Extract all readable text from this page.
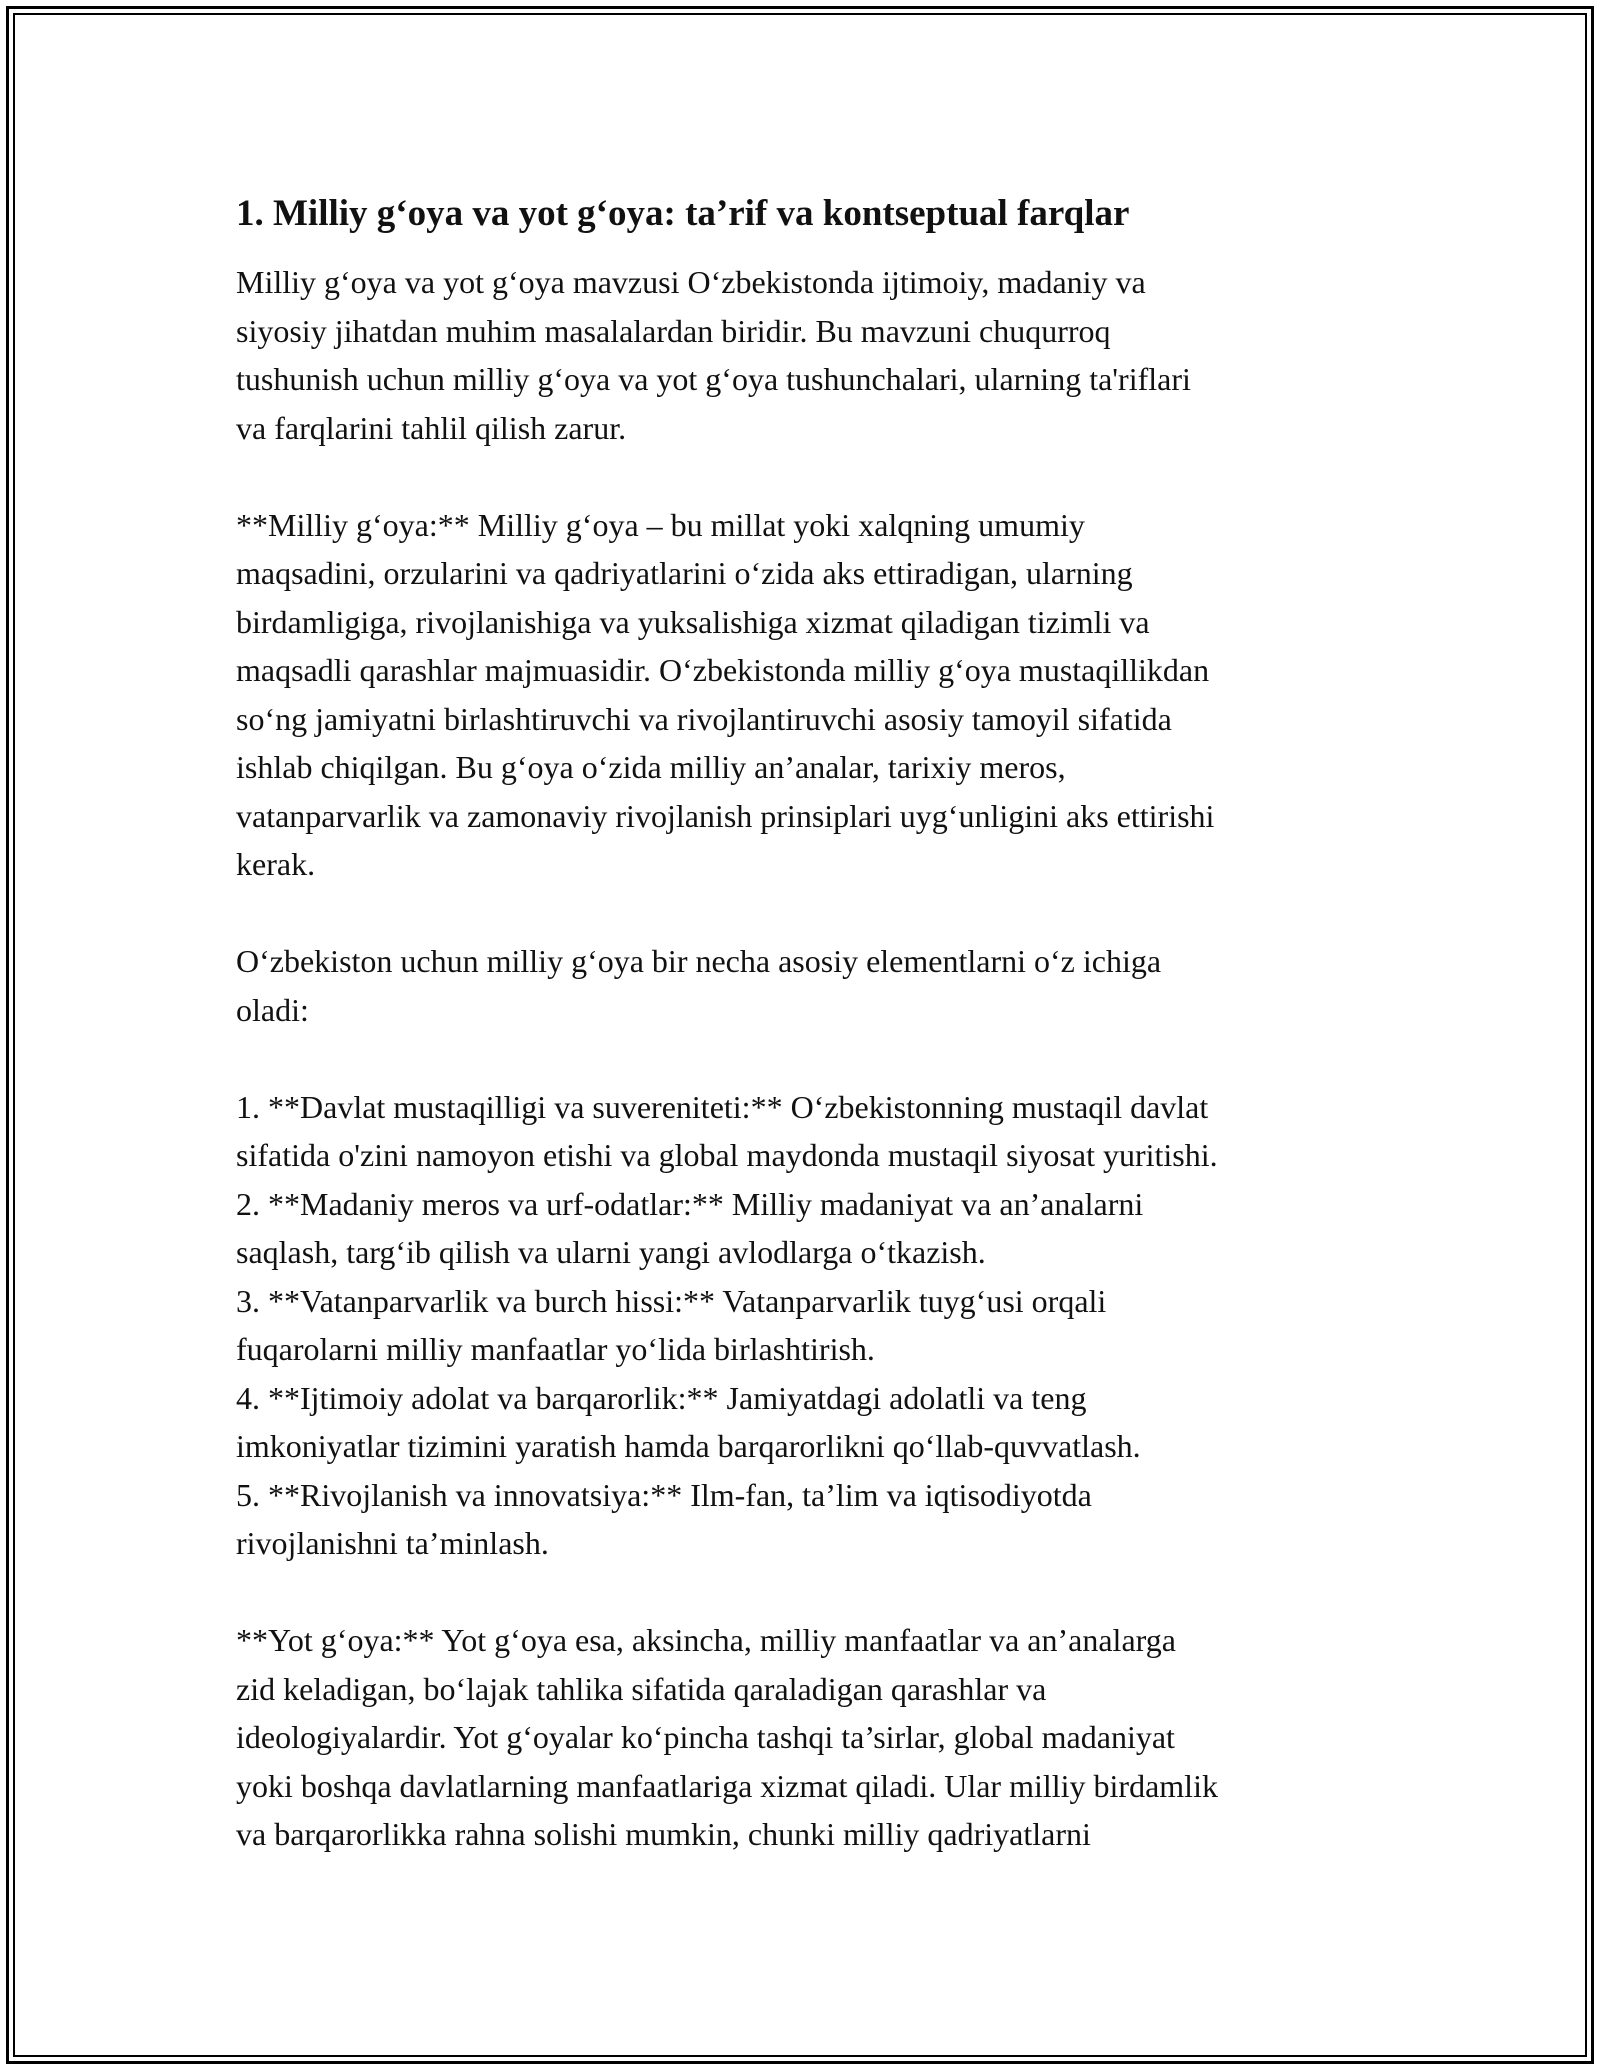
1. Milliy g‘oya va yot g‘oya: ta’rif va kontseptual farqlar

Milliy g‘oya va yot g‘oya mavzusi O‘zbekistonda ijtimoiy, madaniy va
siyosiy jihatdan muhim masalalardan biridir. Bu mavzuni chuqurroq
tushunish uchun milliy g‘oya va yot g‘oya tushunchalari, ularning ta'riflari
va farqlarini tahlil qilish zarur.

**Milliy g‘oya:** Milliy g‘oya – bu millat yoki xalqning umumiy
maqsadini, orzularini va qadriyatlarini o‘zida aks ettiradigan, ularning
birdamligiga, rivojlanishiga va yuksalishiga xizmat qiladigan tizimli va
maqsadli qarashlar majmuasidir. O‘zbekistonda milliy g‘oya mustaqillikdan
so‘ng jamiyatni birlashtiruvchi va rivojlantiruvchi asosiy tamoyil sifatida
ishlab chiqilgan. Bu g‘oya o‘zida milliy an’analar, tarixiy meros,
vatanparvarlik va zamonaviy rivojlanish prinsiplari uyg‘unligini aks ettirishi
kerak.

O‘zbekiston uchun milliy g‘oya bir necha asosiy elementlarni o‘z ichiga
oladi:

1. **Davlat mustaqilligi va suvereniteti:** O‘zbekistonning mustaqil davlat
sifatida o'zini namoyon etishi va global maydonda mustaqil siyosat yuritishi.
2. **Madaniy meros va urf-odatlar:** Milliy madaniyat va an’analarni
saqlash, targ‘ib qilish va ularni yangi avlodlarga o‘tkazish.
3. **Vatanparvarlik va burch hissi:** Vatanparvarlik tuyg‘usi orqali
fuqarolarni milliy manfaatlar yo‘lida birlashtirish.
4. **Ijtimoiy adolat va barqarorlik:** Jamiyatdagi adolatli va teng
imkoniyatlar tizimini yaratish hamda barqarorlikni qo‘llab-quvvatlash.
5. **Rivojlanish va innovatsiya:** Ilm-fan, ta’lim va iqtisodiyotda
rivojlanishni ta’minlash.

**Yot g‘oya:** Yot g‘oya esa, aksincha, milliy manfaatlar va an’analarga
zid keladigan, bo‘lajak tahlika sifatida qaraladigan qarashlar va
ideologiyalardir. Yot g‘oyalar ko‘pincha tashqi ta’sirlar, global madaniyat
yoki boshqa davlatlarning manfaatlariga xizmat qiladi. Ular milliy birdamlik
va barqarorlikka rahna solishi mumkin, chunki milliy qadriyatlarni
